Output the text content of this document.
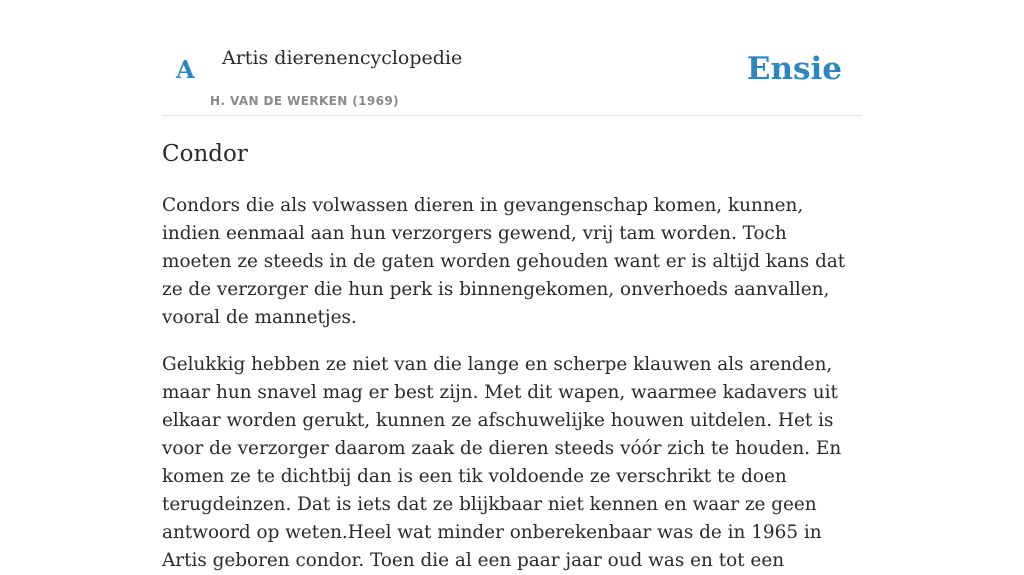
A Artis dierenencyclopedie
H. VAN DE WERKEN (1969)
Ensie
Condor

Condors die als volwassen dieren in gevangenschap komen, kunnen, indien eenmaal aan hun verzorgers gewend, vrij tam worden. Toch moeten ze steeds in de gaten worden gehouden want er is altijd kans dat ze de verzorger die hun perk is binnengekomen, onverhoeds aanvallen, vooral de mannetjes.

Gelukkig hebben ze niet van die lange en scherpe klauwen als arenden, maar hun snavel mag er best zijn. Met dit wapen, waarmee kadavers uit elkaar worden gerukt, kunnen ze afschuwelijke houwen uitdelen. Het is voor de verzorger daarom zaak de dieren steeds vóór zich te houden. En komen ze te dichtbij dan is een tik voldoende ze verschrikt te doen terugdeinzen. Dat is iets dat ze blijkbaar niet kennen en waar ze geen antwoord op weten.Heel wat minder onberekenbaar was de in 1965 in Artis geboren condor. Toen die al een paar jaar oud was en tot een
